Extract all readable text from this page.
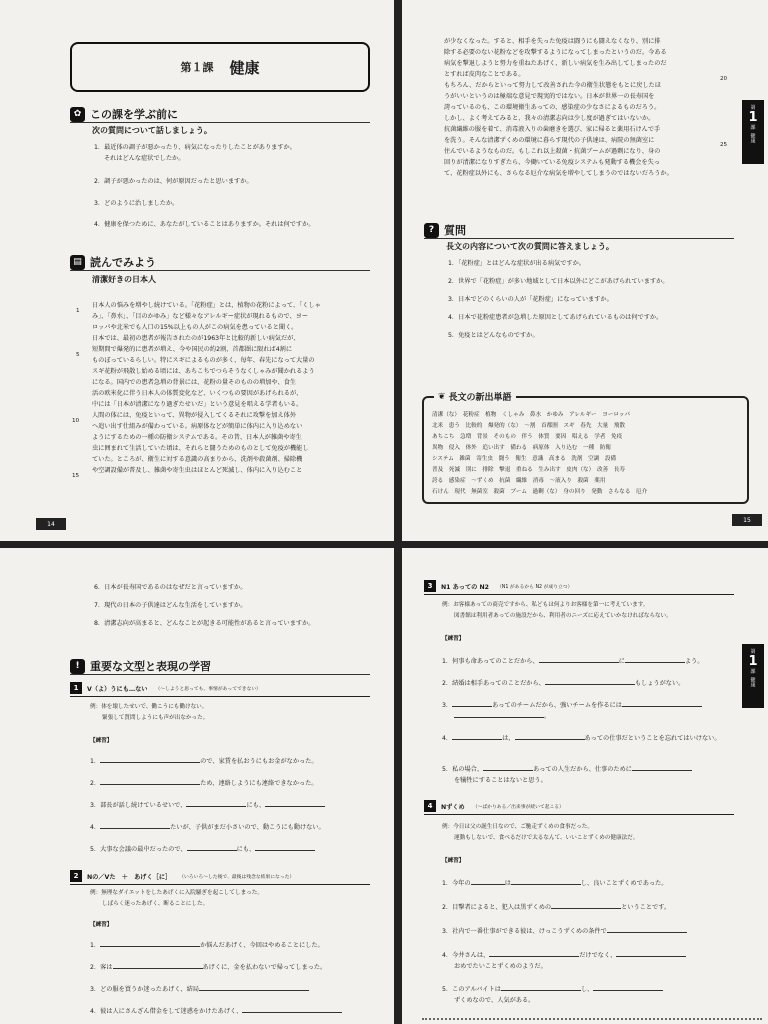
第１課 健康
✿ この課を学ぶ前に
次の質問について話しましょう。
1．最近体の調子が悪かったり、病気になったりしたことがありますか。
それはどんな症状でしたか。
2．調子が悪かったのは、何が原因だったと思いますか。
3．どのように治しましたか。
4．健康を保つために、あなたがしていることはありますか。それは何ですか。
▤ 読んでみよう
清潔好きの日本人
日本人の悩みを増やし続けている。「花粉症」とは、植物の花粉によって、「くしゃ
み」、「鼻水」、「目のかゆみ」など様々なアレルギー症状が現れるもので、ヨー
ロッパや北米でも人口の15%以上もの人がこの病気を患っていると聞く。
日本では、最初の患者が報告されたのが1963年と比較的新しい病気だが、
短期間で爆発的に患者が増え、今や国民の約2割、首都圏に限れば4割に
ものぼっているらしい。特にスギによるものが多く、毎年、春先になって大量の
スギ花粉が飛散し始める頃には、あちこちでつらそうなくしゃみが聞かれるよう
になる。国内での患者急増の背景には、花粉の量そのものの増加や、食生
活の欧米化に伴う日本人の体質変化など、いくつもの要因があげられるが、
中には「日本が清潔になり過ぎたせいだ」という意見を唱える学者もいる。
人間の体には、免疫といって、異物が侵入してくるそれに攻撃を加え体外
へ追い出す仕組みが備わっている。病原体などが簡単に体内に入り込めない
ようにするための一種の防衛システムである。その昔、日本人が雑菌や寄生
虫に囲まれて生活していた頃は、それらと闘うためのものとして免疫が機能し
ていた。ところが、衛生に対する意識の高まりから、洗剤や殺菌剤、掃除機
や空調設備が普及し、雑菌や寄生虫はほとんど死滅し、体内に入り込むこと
1
5
10
15
14
が少なくなった。すると、相手を失った免疫は闘うにも闘えなくなり、別に排
除する必要のない花粉などを攻撃するようになってしまったというのだ。今ある
病気を撃退しようと努力を重ねたあげく、新しい病気を生み出してしまったのだ
とすれば皮肉なことである。
もちろん、だからといって努力して改善された今の衛生状態をもとに戻したほ
うがいいというのは極端な意見で現実的ではない。日本が世界一の長寿国を
誇っているのも、この環境衛生あっての、感染症の少なさによるものだろう。
しかし、よく考えてみると、我々の清潔志向は少し度が過ぎてはいないか。
抗菌繊維の服を着て、消毒液入りの歯磨きを選び、家に帰ると薬用石けんで手
を洗う。そんな清潔ずくめの環境に暮らす現代の子供達は、病院の無菌室に
住んでいるようなものだ。もしこれ以上殺菌・抗菌ブームが過剰になり、身の
回りが清潔になりすぎたら、今働いている免疫システムも発動する機会を失っ
て、花粉症以外にも、さらなる厄介な病気を増やしてしまうのではないだろうか。
20
25
第
1
課
健康
? 質問
長文の内容について次の質問に答えましょう。
1．「花粉症」とはどんな症状が出る病気ですか。
2．世界で「花粉症」が多い地域として日本以外にどこがあげられていますか。
3．日本でどのくらいの人が「花粉症」になっていますか。
4．日本で花粉症患者が急増した原因としてあげられているものは何ですか。
5．免疫とはどんなものですか。
❦ 長文の新出単語
清潔（な）　花粉症　植物　くしゃみ　鼻水　かゆみ　アレルギー　ヨーロッパ
北米　患う　比較的　爆発的（な）　～割　首都圏　スギ　春先　大量　飛散
あちこち　急増　背景　そのもの　伴う　体質　要因　唱える　学者　免疫
異物　侵入　体外　追い出す　備わる　病原体　入り込む　一種　防衛
システム　雑菌　寄生虫　闘う　衛生　意識　高まる　洗剤　空調　設備
普及　死滅　別に　排除　撃退　重ねる　生み出す　皮肉（な）　改善　長寿
誇る　感染症　～ずくめ　抗菌　繊維　消毒　～液入り　殺菌　薬用
石けん　現代　無菌室　殺菌　ブーム　過剰（な）　身の回り　発動　さらなる　厄介
15
6．日本が長寿国であるのはなぜだと言っていますか。
7．現代の日本の子供達はどんな生活をしていますか。
8．清潔志向が高まると、どんなことが起きる可能性があると言っていますか。
! 重要な文型と表現の学習
1	V（よ）うにも…ない （～しようと思っても、事情があってできない）
例：体を壊したせいで、働こうにも働けない。
緊張して質問しようにも声が出なかった。
【練習】
1．	ので、家賃を払おうにもお金がなかった。
2．	ため、連絡しようにも連絡できなかった。
3．部長が話し続けているせいで、	にも、
4．	たいが、子供がまだ小さいので、動こうにも動けない。
5．大事な会議の最中だったので、	にも、
2	Nの／Vた　＋　あげく［に］ （いろいろ～した後で、最後は残念な結果になった）
例：無理なダイエットをしたあげくに入院騒ぎを起こしてしまった。
しばらく迷ったあげく、断ることにした。
【練習】
1．	か悩んだあげく、今回はやめることにした。
2．客は	あげくに、金を払わないで帰ってしまった。
3．どの服を買うか迷ったあげく、結局
4．彼は人にさんざん借金をして迷惑をかけたあげく、
3	N1 あっての N2 （N1 があるから N2 が成り立つ）
例：お客様あっての商売ですから、私どもは何よりお客様を第一に考えています。
図書館は利用者あっての施設だから、利用者のニーズに応えていかなければならない。
【練習】
1．何事も命あってのことだから、	に	よう。
2．結婚は相手あってのことだから、	もしょうがない。
3．	あってのチームだから、強いチームを作るには
。
4．	は、	あっての仕事だということを忘れてはいけない。
5．私の場合、	あっての人生だから、仕事のために
を犠牲にすることはないと思う。
第
1
課
健康
4	Nずくめ （～ばかりある／出来事が続いて起こる）
例：今日は父の誕生日なので、ご馳走ずくめの食事だった。
運動もしないで、食べるだけで太るなんて、いいことずくめの健康法だ。
【練習】
1．今年の	は	し、良いことずくめであった。
2．目撃者によると、犯人は黒ずくめの	ということです。
3．社内で一番仕事ができる彼は、けっこうずくめの条件で
4．今井さんは、	だけでなく、
おめでたいことずくめのようだ。
5．このアルバイトは	し、
ずくめなので、人気がある。
